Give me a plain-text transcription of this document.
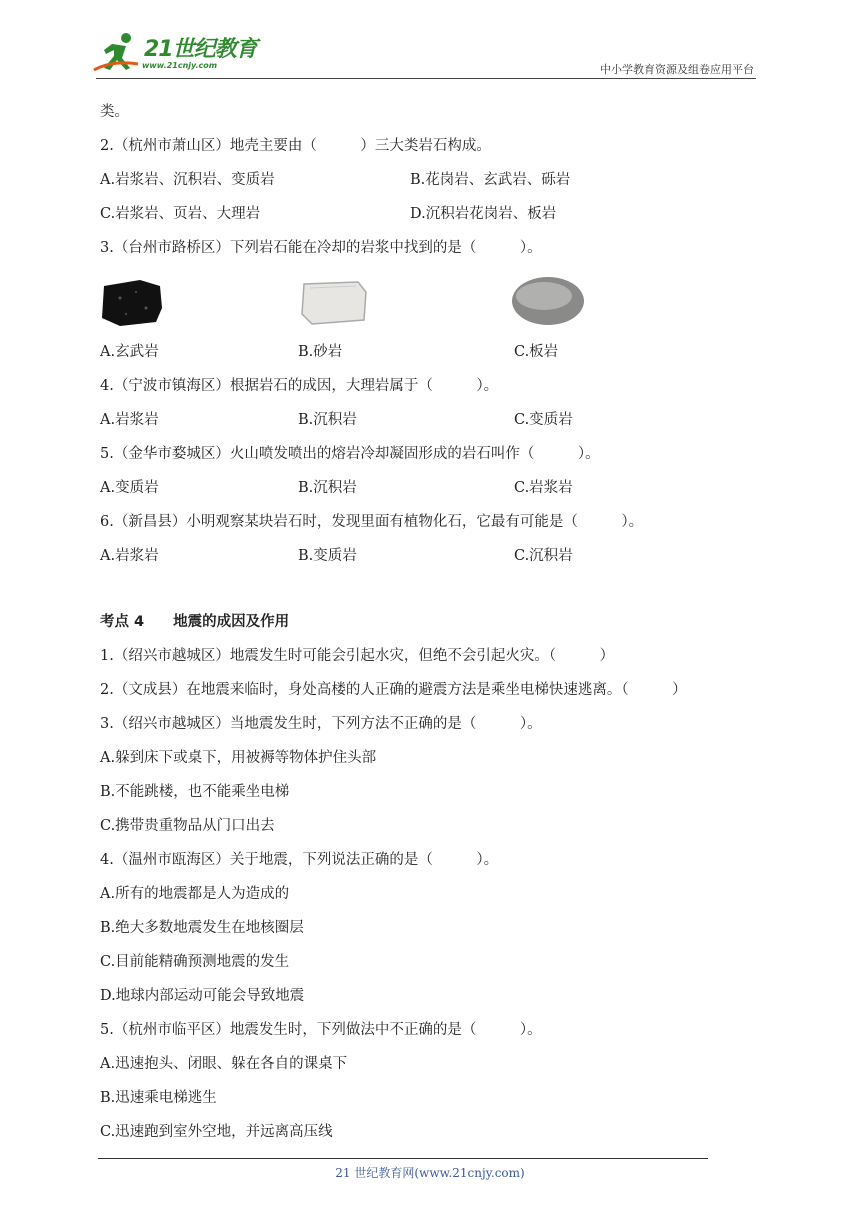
21世纪教育
www.21cnjy.com	中小学教育资源及组卷应用平台
类。
2.（杭州市萧山区）地壳主要由（　　　）三大类岩石构成。
A.岩浆岩、沉积岩、变质岩	B.花岗岩、玄武岩、砾岩
C.岩浆岩、页岩、大理岩	D.沉积岩花岗岩、板岩
3.（台州市路桥区）下列岩石能在冷却的岩浆中找到的是（　　　）。
A.玄武岩	B.砂岩	C.板岩
4.（宁波市镇海区）根据岩石的成因，大理岩属于（　　　）。
A.岩浆岩	B.沉积岩	C.变质岩
5.（金华市婺城区）火山喷发喷出的熔岩冷却凝固形成的岩石叫作（　　　）。
A.变质岩	B.沉积岩	C.岩浆岩
6.（新昌县）小明观察某块岩石时，发现里面有植物化石，它最有可能是（　　　）。
A.岩浆岩	B.变质岩	C.沉积岩
考点 4　　地震的成因及作用
1.（绍兴市越城区）地震发生时可能会引起水灾，但绝不会引起火灾。（　　　）
2.（文成县）在地震来临时，身处高楼的人正确的避震方法是乘坐电梯快速逃离。（　　　）
3.（绍兴市越城区）当地震发生时，下列方法不正确的是（　　　）。
A.躲到床下或桌下，用被褥等物体护住头部
B.不能跳楼，也不能乘坐电梯
C.携带贵重物品从门口出去
4.（温州市瓯海区）关于地震，下列说法正确的是（　　　）。
A.所有的地震都是人为造成的
B.绝大多数地震发生在地核圈层
C.目前能精确预测地震的发生
D.地球内部运动可能会导致地震
5.（杭州市临平区）地震发生时，下列做法中不正确的是（　　　）。
A.迅速抱头、闭眼、躲在各自的课桌下
B.迅速乘电梯逃生
C.迅速跑到室外空地，并远离高压线
21 世纪教育网(www.21cnjy.com)
